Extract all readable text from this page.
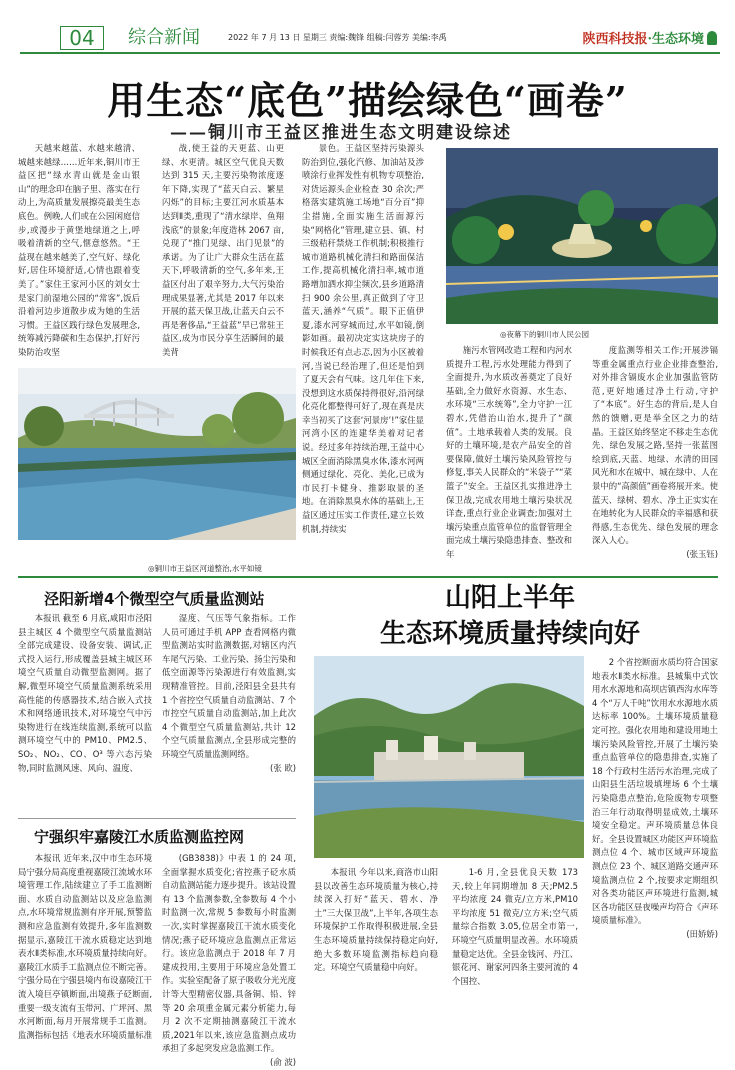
04	综合新闻	2022 年 7 月 13 日 星期三 责编:魏锋 组稿:闫蓉芳 美编:李禹	陕西科技报·生态环境
用生态“底色”描绘绿色“画卷”
——铜川市王益区推进生态文明建设综述

天越来越蓝、水越来越清、城越来越绿……近年来,铜川市王益区把“绿水青山就是金山银山”的理念印在脑子里、落实在行动上,为高质量发展擦亮最美生态底色。例晚,人们或在公园闲庭信步,或漫步于黄堡地绿道之上,呼吸着清新的空气,惬意悠然。“王益现在越来越美了,空气好、绿化好,居住环境舒适,心情也跟着变美了。”家住王家河小区的刘女士是家门前湿地公园的“常客”,饭后沿着河边步道散步成为她的生活习惯。王益区践行绿色发展理念,统筹减污降碳和生态保护,打好污染防治攻坚

战,使王益的天更蓝、山更绿、水更清。城区空气优良天数达到 315 天,主要污染物浓度逐年下降,实现了“蓝天白云、繁星闪烁”的目标;主要江河水质基本达到Ⅱ类,重现了“清水绿岸、鱼翔浅底”的景象;年度造林 2067 亩,兑现了“推门见绿、出门见景”的承诺。为了让广大群众生活在蓝天下,呼吸清新的空气,多年来,王益区付出了艰辛努力,大气污染治理成果显著,尤其是 2017 年以来开展的蓝天保卫战,让蓝天白云不再是奢侈品,“王益蓝”早已常驻王益区,成为市民分享生活瞬间的最美背

景色。王益区坚持污染源头防治到位,强化汽修、加油站及涉喷涂行业挥发性有机物专项整治,对货运源头企业检查 30 余次;严格落实建筑施工场地“百分百”抑尘措施,全面实施生活面源污染“网格化”管理,建立县、镇、村三级秸秆禁烧工作机制;积极推行城市道路机械化清扫和路面保洁工作,提高机械化清扫率,城市道路增加洒水抑尘频次,县乡道路清扫 900 余公里,真正做到了守卫蓝天,涵养“气质”。眼下正值伊夏,漆水河穿城而过,水平如镜,倒影如画。最初决定实这块房子的时候我还有点忐忑,因为小区被着河,当说已经治理了,但还是怕到了夏天会有气味。这几年住下来,没想到这水质保持得很好,沿河绿化亮化都整得可好了,现在真是庆幸当初买了这套‘河景房’!”家住显河湾小区的连建华美着对记者说。经过多年持续治理,王益中心城区全面消除黑臭水体,漆水河两侧通过绿化、亮化、美化,已成为市民打卡健身、推影取景的圣地。在消除黑臭水体的基础上,王益区通过压实工作责任,建立长效机制,持续实

◎铜川市王益区河道整治,水平如镜
◎夜幕下的铜川市人民公园

施污水管网改造工程和内河水质提升工程,污水处理能力得到了全面提升,为水质改善奠定了良好基础,全力做好水资源、水生态、水环境“三水统筹”,全力守护一江碧水,凭借治山治水,提升了“颜值”。土地承载着人类的发展。良好的土壤环境,是农产品安全的首要保障,做好土壤污染风险管控与修复,事关人民群众的“米袋子”“菜篮子”安全。王益区扎实推进净土保卫战,完成农用地土壤污染状况详查,重点行业企业调查;加强对土壤污染重点监管单位的监督管理全面完成土壤污染隐患排查、整改和年

度监测等相关工作;开展涉镉等重金属重点行业企业排查整治,对外排含镉废水企业加强监管防范,更好地通过净土行动,守护了“本底”。好生态的背后,是人自然的馈赠,更是举全区之力的结晶。王益区始终坚定不移走生态优先、绿色发展之路,坚持一张蓝图绘到底,天蓝、地绿、水清的田园风光和水在城中、城在绿中、人在景中的“高颜值”画卷将展开来。使蓝天、绿树、碧水、净土正实实在在地转化为人民群众的幸福感和获得感,生态优先、绿色发展的理念深入人心。

(张玉钰)
泾阳新增4个微型空气质量监测站

本报讯 截至 6 月底,咸阳市泾阳县主城区 4 个微型空气质量监测站全部完成建设、设备安装、调试,正式投入运行,形成覆盖县城主城区环境空气质量自动微型监测网。据了解,微型环境空气质量监测系统采用高性能的传感器技术,结合嵌入式技术和网络通讯技术,对环境空气中污染物进行在线连续监测,系统可以监测环境空气中的 PM10、PM2.5、SO₂、NO₂、CO、O³ 等六态污染物,同时监测风速、风向、温度、

湿度、气压等气象指标。工作人员可通过手机 APP 查看网格内微型监测站实时监测数据,对辖区内汽车尾气污染、工业污染、扬尘污染和低空面源等污染源进行有效监测,实现精准管控。目前,泾阳县全县共有 1 个省控空气质量自动监测站、7 个市控空气质量自动监测站,加上此次 4 个微型空气质量监测站,共计 12 个空气质量监测点,全县形成完整的环境空气质量监测网络。

(张 欧)
宁强织牢嘉陵江水质监测监控网

本报讯 近年来,汉中市生态环境局宁强分局高度重视嘉陵江流域水环境管理工作,陆续建立了手工监测断面、水质自动监测站以及应急监测点,水环境常规监测有序开展,预警监测和应急监测有效提升,多年监测数据显示,嘉陵江干流水质稳定达到地表水Ⅱ类标准,水环境质量持续向好。嘉陵江水质手工监测点位不断完善。宁强分局在宁强县境内布设嘉陵江干流入境巨亭镇断面,出境燕子砭断面,重要一级支流有玉带河、广坪河、黑水河断面,每月开展常规手工监测。监测指标包括《地表水环境质量标准

(GB3838)》中表 1 的 24 项,全面掌握水质变化;省控燕子砭水质自动监测站能力逐步提升。该站设置有 13 个监测参数,全参数每 4 个小时监测一次,常规 5 参数每小时监测一次,实时掌握嘉陵江干流水质变化情况;燕子砭环境应急监测点正常运行。该应急监测点于 2018 年 7 月建成投用,主要用于环境应急处置工作。实验室配备了原子吸收分光光度计等大型精密仪器,具备铜、铅、锌等 20 余项重金属元素分析能力,每月 2 次不定期抽测嘉陵江干流水质,2021年以来,该应急监测点成功承担了多起突发应急监测工作。

(俞 波)
山阳上半年
生态环境质量持续向好

2 个省控断面水质均符合国家地表水Ⅱ类水标准。县城集中式饮用水水源地和高坝店镇西沟水库等 4 个“万人千吨”饮用水水源地水质达标率 100%。土壤环境质量稳定可控。强化农用地和建设用地土壤污染风险管控,开展了土壤污染重点监管单位的隐患排查,实施了 18 个行政村生活污水治理,完成了山阳县生活垃圾填埋场 6 个土壤污染隐患点整治,危险废物专项整治三年行动取得明显成效,土壤环境安全稳定。声环境质量总体良好。全县设置城区功能区声环境监测点位 4 个、城市区域声环境监测点位 23 个、城区道路交通声环境监测点位 2 个,按要求定期组织对各类功能区声环境进行监测,城区各功能区昼夜噪声均符合《声环境质量标准》。

(田娇娇)

本报讯 今年以来,商洛市山阳县以改善生态环境质量为核心,持续深入打好“蓝天、碧水、净土”三大保卫战”,上半年,各项生态环境保护工作取得积极进展,全县生态环境质量持续保持稳定向好,绝大多数环境监测指标趋向稳定。环境空气质量稳中向好。

1-6 月,全县优良天数 173 天,较上年同期增加 8 天;PM2.5 平均浓度 24 微克/立方米,PM10 平均浓度 51 微克/立方米;空气质量综合指数 3.05,位居全市第一,环境空气质量明显改善。水环境质量稳定达优。全县金钱河、丹江、银花河、谢家河四条主要河流的 4 个国控、
